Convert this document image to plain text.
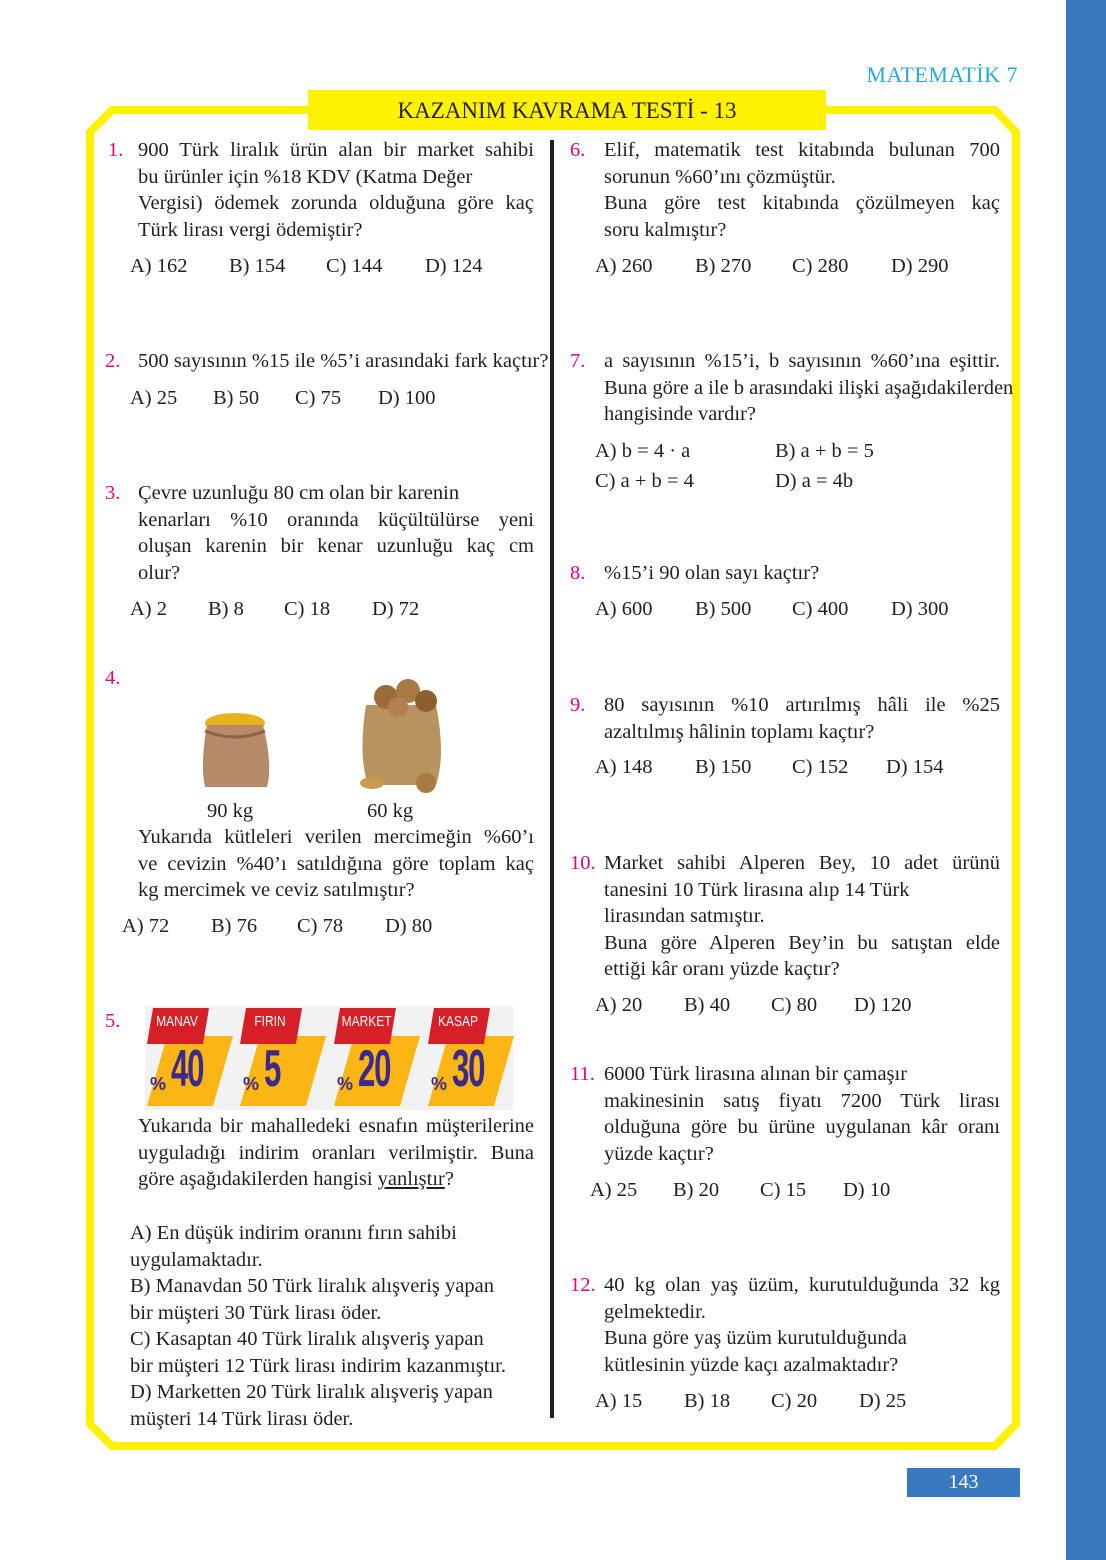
MATEMATİK 7
KAZANIM KAVRAMA TESTİ - 13
1. 900 Türk liralık ürün alan bir market sahibi
bu ürünler için %18 KDV (Katma Değer
Vergisi) ödemek zorunda olduğuna göre kaç
Türk lirası vergi ödemiştir?
A) 162 B) 154 C) 144 D) 124
2. 500 sayısının %15 ile %5’i arasındaki fark kaçtır?
A) 25 B) 50 C) 75 D) 100
3. Çevre uzunluğu 80 cm olan bir karenin
kenarları %10 oranında küçültülürse yeni
oluşan karenin bir kenar uzunluğu kaç cm
olur?
A) 2 B) 8 C) 18 D) 72
4.
Yukarıda kütleleri verilen mercimeğin %60’ı
ve cevizin %40’ı satıldığına göre toplam kaç
kg mercimek ve ceviz satılmıştır?
A) 72 B) 76 C) 78 D) 80
5.
Yukarıda bir mahalledeki esnafın müşterilerine
uyguladığı indirim oranları verilmiştir. Buna
göre aşağıdakilerden hangisi yanlıştır?
A) En düşük indirim oranını fırın sahibi
uygulamaktadır.
B) Manavdan 50 Türk liralık alışveriş yapan
bir müşteri 30 Türk lirası öder.
C) Kasaptan 40 Türk liralık alışveriş yapan
bir müşteri 12 Türk lirası indirim kazanmıştır.
D) Marketten 20 Türk liralık alışveriş yapan
müşteri 14 Türk lirası öder.
6. Elif, matematik test kitabında bulunan 700
sorunun %60’ını çözmüştür.
Buna göre test kitabında çözülmeyen kaç
soru kalmıştır?
A) 260 B) 270 C) 280 D) 290
7. a sayısının %15’i, b sayısının %60’ına eşittir.
Buna göre a ile b arasındaki ilişki aşağıdakilerden
hangisinde vardır?
A) b = 4 · a	B) a + b = 5
C) a + b = 4	D) a = 4b
8. %15’i 90 olan sayı kaçtır?
A) 600 B) 500 C) 400 D) 300
9. 80 sayısının %10 artırılmış hâli ile %25
azaltılmış hâlinin toplamı kaçtır?
A) 148 B) 150 C) 152 D) 154
10. Market sahibi Alperen Bey, 10 adet ürünü
tanesini 10 Türk lirasına alıp 14 Türk
lirasından satmıştır.
Buna göre Alperen Bey’in bu satıştan elde
ettiği kâr oranı yüzde kaçtır?
A) 20 B) 40 C) 80 D) 120
11. 6000 Türk lirasına alınan bir çamaşır
makinesinin satış fiyatı 7200 Türk lirası
olduğuna göre bu ürüne uygulanan kâr oranı
yüzde kaçtır?
A) 25 B) 20 C) 15 D) 10
12. 40 kg olan yaş üzüm, kurutulduğunda 32 kg
gelmektedir.
Buna göre yaş üzüm kurutulduğunda
kütlesinin yüzde kaçı azalmaktadır?
A) 15 B) 18 C) 20 D) 25
90 kg	60 kg
MANAV
% 40
FIRIN
% 5
MARKET
% 20
KASAP
% 30
143
